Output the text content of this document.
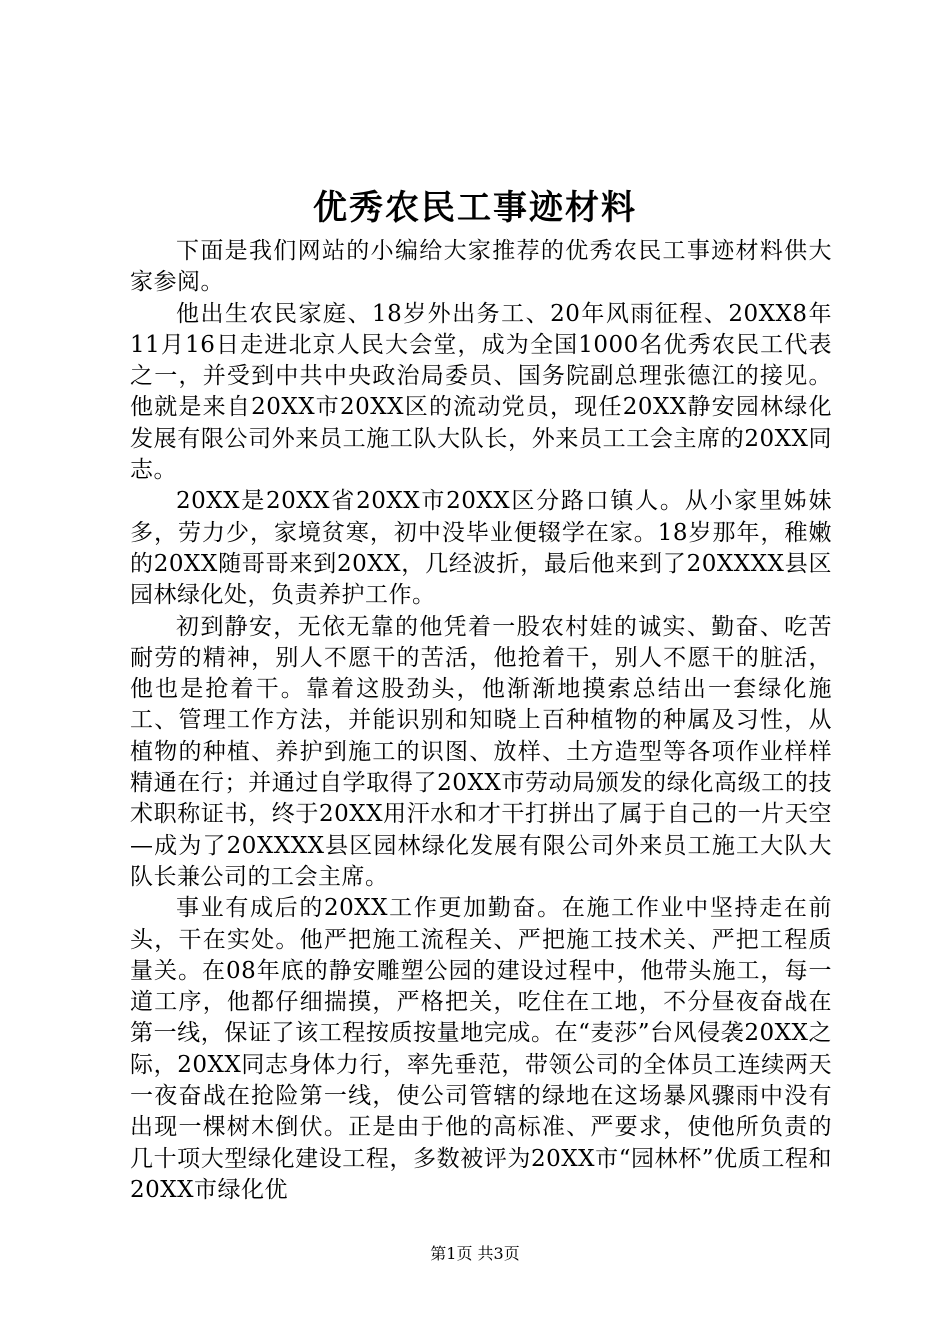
优秀农民工事迹材料

下面是我们网站的小编给大家推荐的优秀农民工事迹材料供大家参阅。

他出生农民家庭、18岁外出务工、20年风雨征程、20XX8年11月16日走进北京人民大会堂，成为全国1000名优秀农民工代表之一，并受到中共中央政治局委员、国务院副总理张德江的接见。他就是来自20XX市20XX区的流动党员，现任20XX静安园林绿化发展有限公司外来员工施工队大队长，外来员工工会主席的20XX同志。

20XX是20XX省20XX市20XX区分路口镇人。从小家里姊妹多，劳力少，家境贫寒，初中没毕业便辍学在家。18岁那年，稚嫩的20XX随哥哥来到20XX，几经波折，最后他来到了20XXXX县区园林绿化处，负责养护工作。

初到静安，无依无靠的他凭着一股农村娃的诚实、勤奋、吃苦耐劳的精神，别人不愿干的苦活，他抢着干，别人不愿干的脏活，他也是抢着干。靠着这股劲头，他渐渐地摸索总结出一套绿化施工、管理工作方法，并能识别和知晓上百种植物的种属及习性，从植物的种植、养护到施工的识图、放样、土方造型等各项作业样样精通在行；并通过自学取得了20XX市劳动局颁发的绿化高级工的技术职称证书，终于20XX用汗水和才干打拼出了属于自己的一片天空—成为了20XXXX县区园林绿化发展有限公司外来员工施工大队大队长兼公司的工会主席。

事业有成后的20XX工作更加勤奋。在施工作业中坚持走在前头，干在实处。他严把施工流程关、严把施工技术关、严把工程质量关。在08年底的静安雕塑公园的建设过程中，他带头施工，每一道工序，他都仔细揣摸，严格把关，吃住在工地，不分昼夜奋战在第一线，保证了该工程按质按量地完成。在“麦莎”台风侵袭20XX之际，20XX同志身体力行，率先垂范，带领公司的全体员工连续两天一夜奋战在抢险第一线，使公司管辖的绿地在这场暴风骤雨中没有出现一棵树木倒伏。正是由于他的高标准、严要求，使他所负责的几十项大型绿化建设工程，多数被评为20XX市“园林杯”优质工程和20XX市绿化优

第1页 共3页
